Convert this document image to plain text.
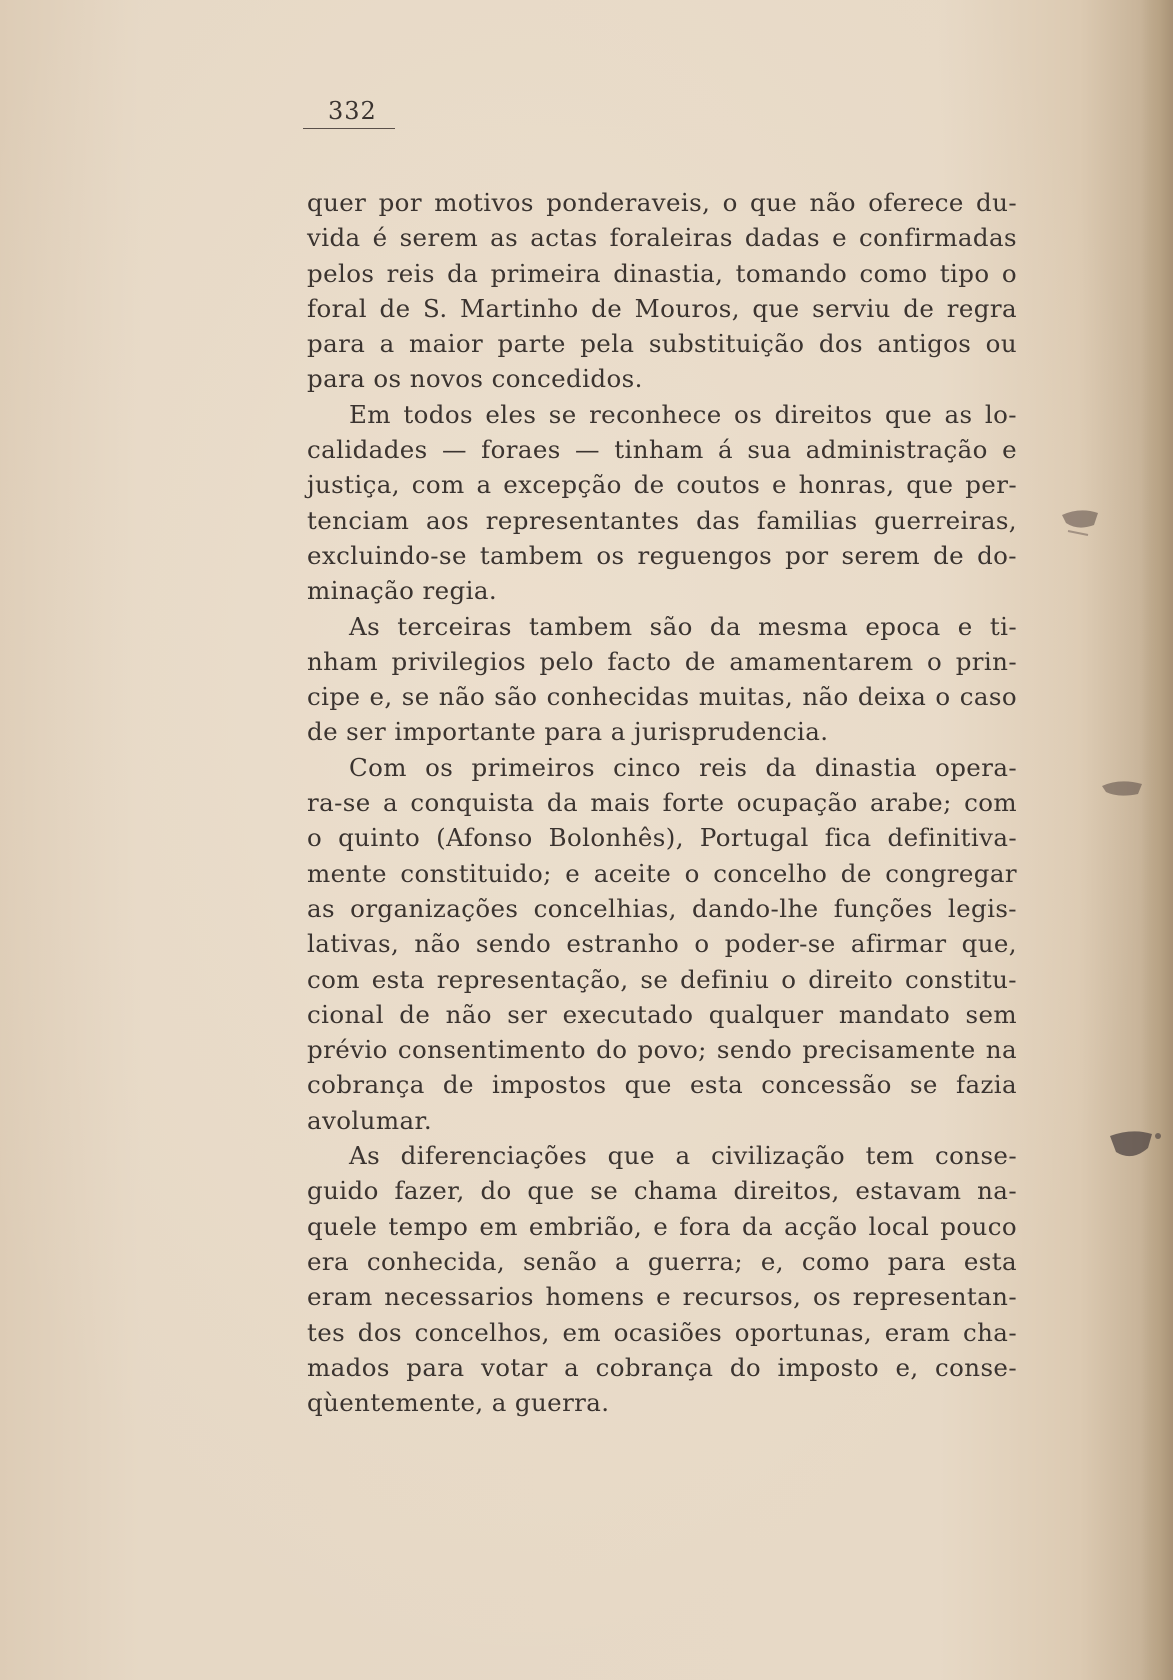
332
quer por motivos ponderaveis, o que não oferece du-
vida é serem as actas foraleiras dadas e confirmadas
pelos reis da primeira dinastia, tomando como tipo o
foral de S. Martinho de Mouros, que serviu de regra
para a maior parte pela substituição dos antigos ou
para os novos concedidos.
Em todos eles se reconhece os direitos que as lo-
calidades — foraes — tinham á sua administração e
justiça, com a excepção de coutos e honras, que per-
tenciam aos representantes das familias guerreiras,
excluindo-se tambem os reguengos por serem de do-
minação regia.
As terceiras tambem são da mesma epoca e ti-
nham privilegios pelo facto de amamentarem o prin-
cipe e, se não são conhecidas muitas, não deixa o caso
de ser importante para a jurisprudencia.
Com os primeiros cinco reis da dinastia opera-
ra-se a conquista da mais forte ocupação arabe; com
o quinto (Afonso Bolonhês), Portugal fica definitiva-
mente constituido; e aceite o concelho de congregar
as organizações concelhias, dando-lhe funções legis-
lativas, não sendo estranho o poder-se afirmar que,
com esta representação, se definiu o direito constitu-
cional de não ser executado qualquer mandato sem
prévio consentimento do povo; sendo precisamente na
cobrança de impostos que esta concessão se fazia
avolumar.
As diferenciações que a civilização tem conse-
guido fazer, do que se chama direitos, estavam na-
quele tempo em embrião, e fora da acção local pouco
era conhecida, senão a guerra; e, como para esta
eram necessarios homens e recursos, os representan-
tes dos concelhos, em ocasiões oportunas, eram cha-
mados para votar a cobrança do imposto e, conse-
qùentemente, a guerra.
